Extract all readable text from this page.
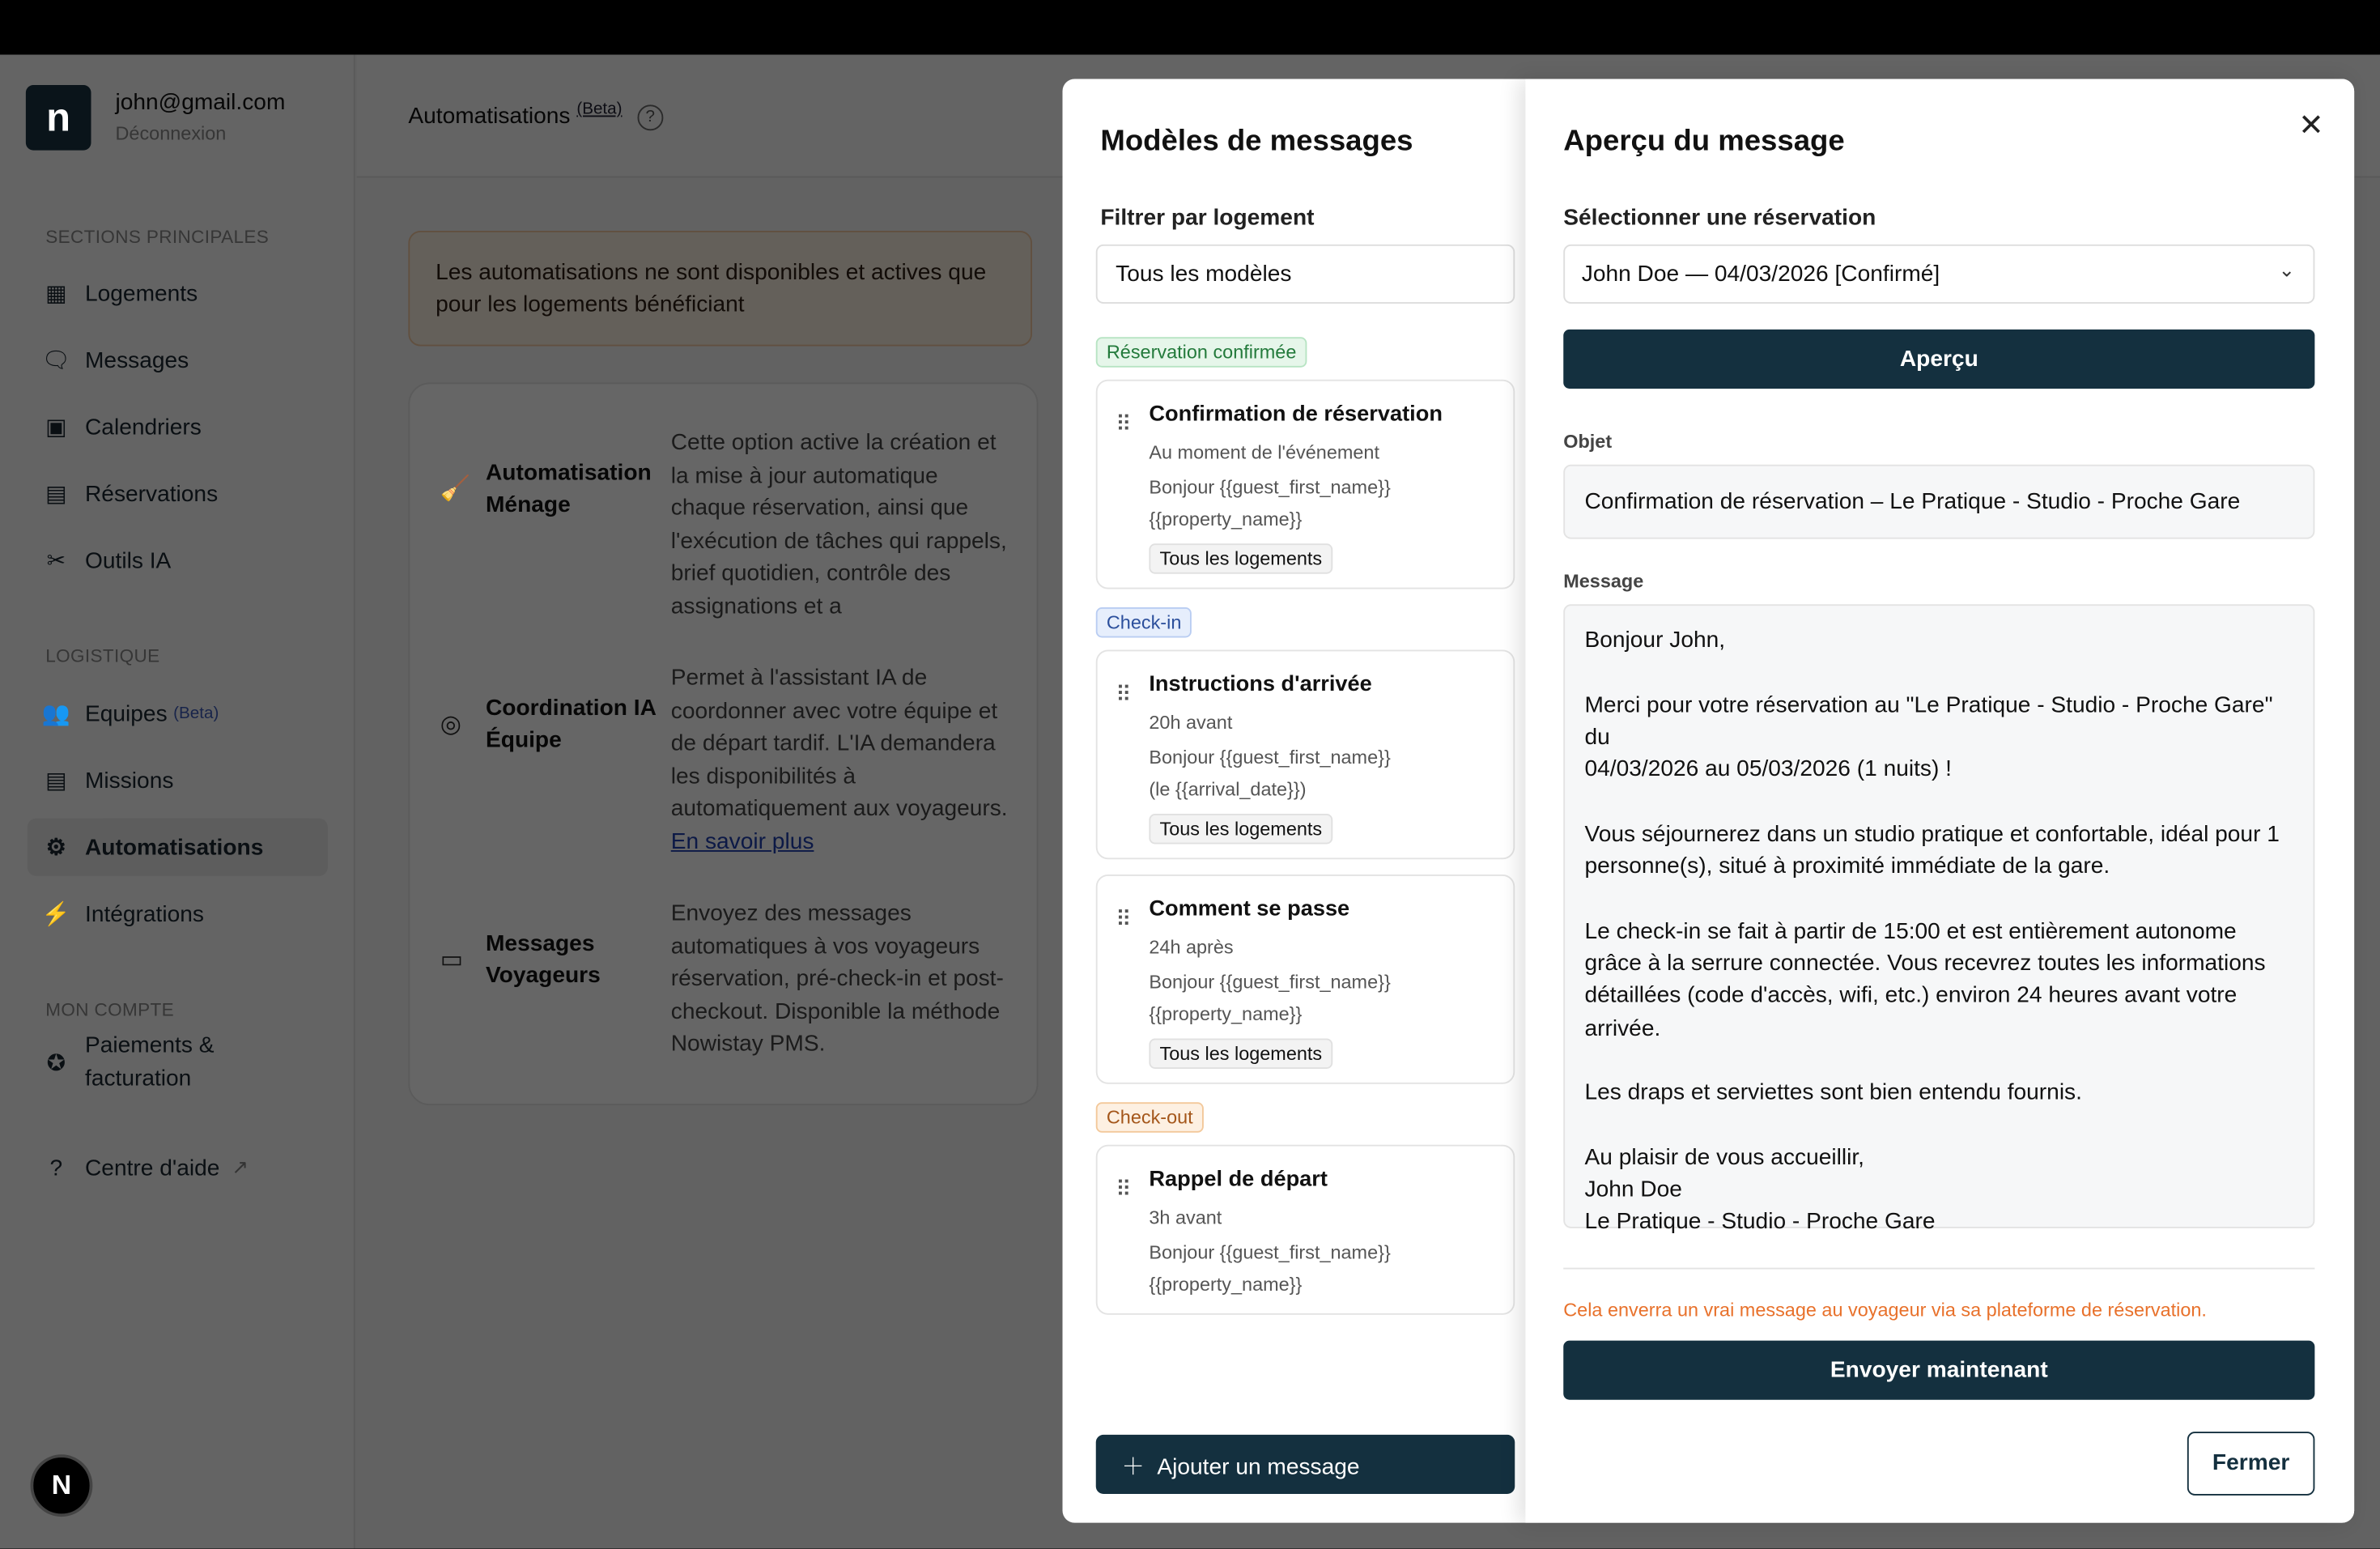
n	john@gmail.com
Déconnexion
SECTIONS PRINCIPALES
LOGISTIQUE
MON COMPTE
▦	Logements
🗨 Messages
▣	Calendriers
▤	Réservations
✂	Outils IA
👥 Equipes (Beta)
▤	Missions
⚙	Automatisations
⚡ Intégrations
✪
Paiements &
facturation
?	Centre d'aide ↗
Automatisations $^{(Beta)}$	?
Les automatisations ne sont disponibles et actives que pour les logements bénéficiant
🧹
Automatisation
Ménage
Cette option active la création et la mise à jour automatique chaque réservation, ainsi que l'exécution de tâches qui rappels, brief quotidien, contrôle des assignations et a
◎
Coordination IA
Équipe
Permet à l'assistant IA de coordonner avec votre équipe et de départ tardif. L'IA demandera les disponibilités à automatiquement aux voyageurs. En savoir plus
▭
Messages
Voyageurs
Envoyez des messages automatiques à vos voyageurs réservation, pré-check-in et post-checkout. Disponible la méthode Nowistay PMS.
N
Modèles de messages
Filtrer par logement
Tous les modèles
Réservation confirmée
⠿ Confirmation de réservation
Au moment de l'événement
Bonjour {{guest_first_name}}
{{property_name}}
Tous les logements
Check-in
⠿ Instructions d'arrivée
20h avant
Bonjour {{guest_first_name}}
(le {{arrival_date}})
Tous les logements
⠿ Comment se passe
24h après
Bonjour {{guest_first_name}}
{{property_name}}
Tous les logements
Check-out
⠿ Rappel de départ
3h avant
Bonjour {{guest_first_name}}
{{property_name}}
＋  Ajouter un message
✕
Aperçu du message
Sélectionner une réservation
John Doe — 04/03/2026 [Confirmé]	⌄
Aperçu
Objet
Confirmation de réservation – Le Pratique - Studio - Proche Gare
Message

Bonjour John,

Merci pour votre réservation au "Le Pratique - Studio - Proche Gare" du
04/03/2026 au 05/03/2026 (1 nuits) !

Vous séjournerez dans un studio pratique et confortable, idéal pour 1
personne(s), situé à proximité immédiate de la gare.

Le check-in se fait à partir de 15:00 et est entièrement autonome
grâce à la serrure connectée. Vous recevrez toutes les informations
détaillées (code d'accès, wifi, etc.) environ 24 heures avant votre
arrivée.

Les draps et serviettes sont bien entendu fournis.

Au plaisir de vous accueillir,
John Doe
Le Pratique - Studio - Proche Gare

Cela enverra un vrai message au voyageur via sa plateforme de réservation.
Envoyer maintenant
Fermer
